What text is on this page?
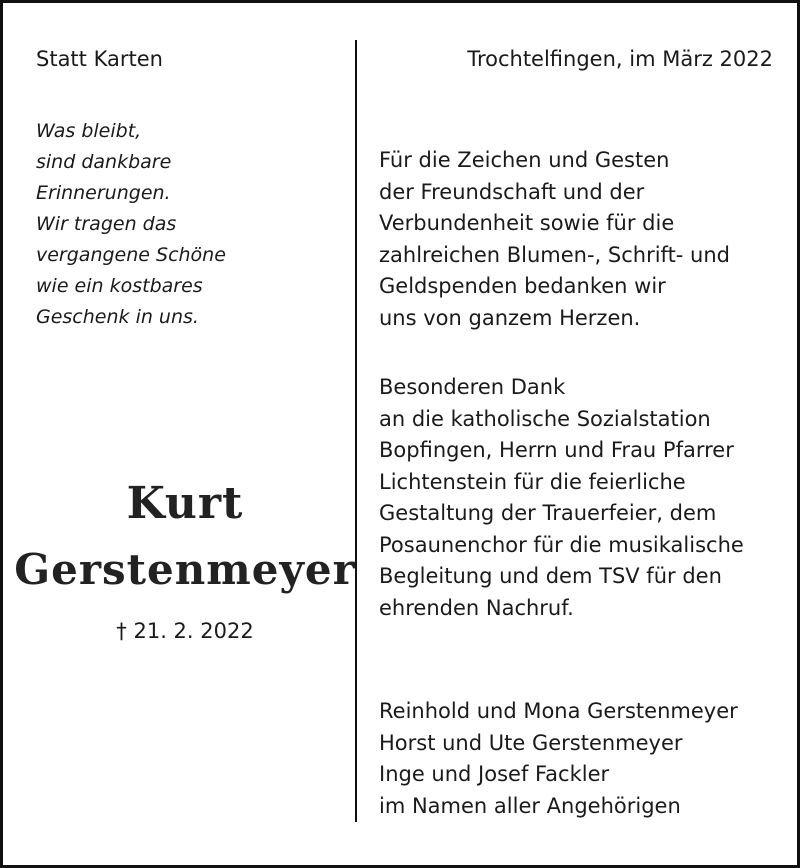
Statt Karten	Trochtelfingen, im März 2022
Was bleibt,
sind dankbare
Erinnerungen.
Wir tragen das
vergangene Schöne
wie ein kostbares
Geschenk in uns.
Kurt
Gerstenmeyer
† 21. 2. 2022
Für die Zeichen und Gesten
der Freundschaft und der
Verbundenheit sowie für die
zahlreichen Blumen-, Schrift- und
Geldspenden bedanken wir
uns von ganzem Herzen.
Besonderen Dank
an die katholische Sozialstation
Bopfingen, Herrn und Frau Pfarrer
Lichtenstein für die feierliche
Gestaltung der Trauerfeier, dem
Posaunenchor für die musikalische
Begleitung und dem TSV für den
ehrenden Nachruf.
Reinhold und Mona Gerstenmeyer
Horst und Ute Gerstenmeyer
Inge und Josef Fackler
im Namen aller Angehörigen
